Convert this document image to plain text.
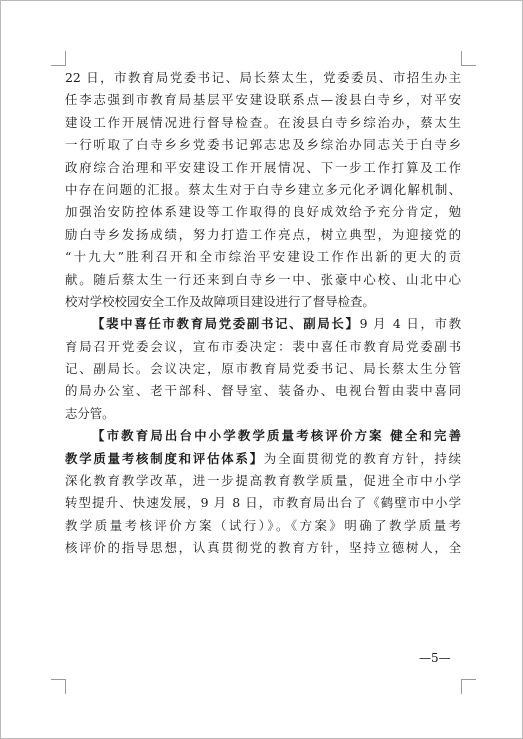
22 日，市教育局党委书记、局长蔡太生，党委委员、市招生办主
任李志强到市教育局基层平安建设联系点—浚县白寺乡，对平安
建设工作开展情况进行督导检查。在浚县白寺乡综治办，蔡太生
一行听取了白寺乡乡党委书记郭志忠及乡综治办同志关于白寺乡
政府综合治理和平安建设工作开展情况、下一步工作打算及工作
中存在问题的汇报。蔡太生对于白寺乡建立多元化矛调化解机制、
加强治安防控体系建设等工作取得的良好成效给予充分肯定，勉
励白寺乡发扬成绩，努力打造工作亮点，树立典型，为迎接党的
“十九大”胜利召开和全市综治平安建设工作作出新的更大的贡
献。随后蔡太生一行还来到白寺乡一中、张豪中心校、山北中心
校对学校校园安全工作及故障项目建设进行了督导检查。
【裴中喜任市教育局党委副书记、副局长】9 月 4 日，市教
育局召开党委会议，宣布市委决定：裴中喜任市教育局党委副书
记、副局长。会议决定，原市教育局党委书记、局长蔡太生分管
的局办公室、老干部科、督导室、装备办、电视台暂由裴中喜同
志分管。
【市教育局出台中小学教学质量考核评价方案 健全和完善
教学质量考核制度和评估体系】为全面贯彻党的教育方针，持续
深化教育教学改革，进一步提高教育教学质量，促进全市中小学
转型提升、快速发展，9 月 8 日，市教育局出台了《鹤壁市中小学
教学质量考核评价方案（试行）》。《方案》明确了教学质量考
核评价的指导思想，认真贯彻党的教育方针，坚持立德树人，全
—5—
